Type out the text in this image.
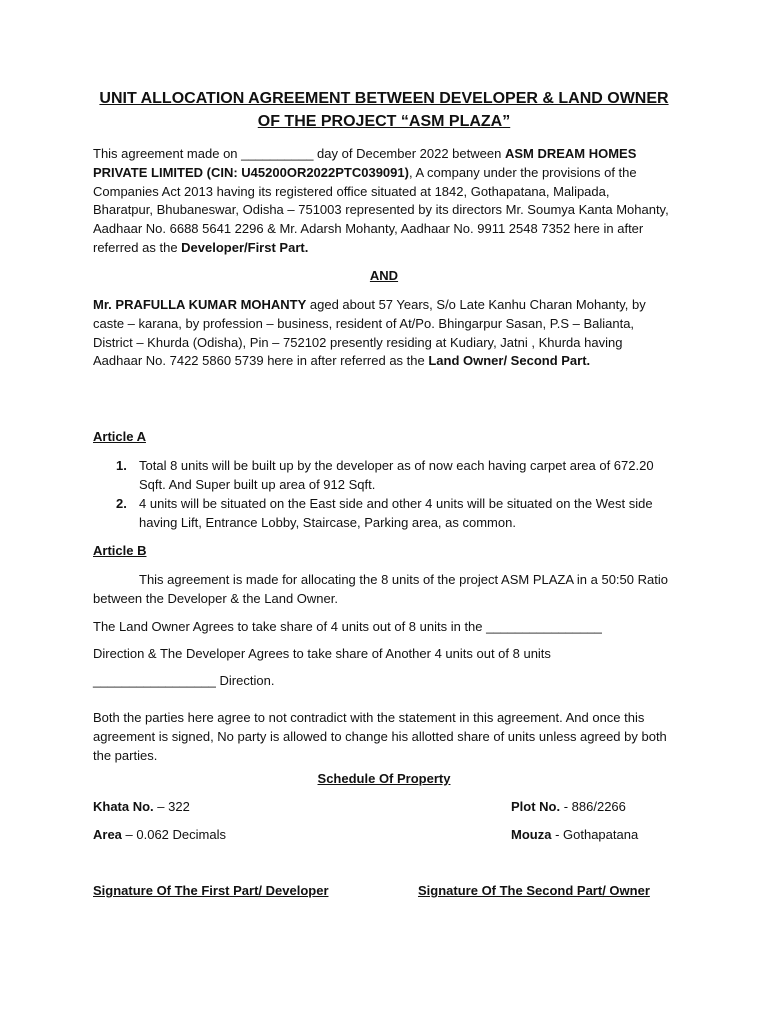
UNIT ALLOCATION AGREEMENT BETWEEN DEVELOPER & LAND OWNER
OF THE PROJECT “ASM PLAZA”
This agreement made on __________ day of December 2022 between ASM DREAM HOMES PRIVATE LIMITED (CIN: U45200OR2022PTC039091), A company under the provisions of the Companies Act 2013 having its registered office situated at 1842, Gothapatana, Malipada, Bharatpur, Bhubaneswar, Odisha – 751003 represented by its directors Mr. Soumya Kanta Mohanty, Aadhaar No. 6688 5641 2296 & Mr. Adarsh Mohanty, Aadhaar No. 9911 2548 7352 here in after referred as the Developer/First Part.
AND
Mr. PRAFULLA KUMAR MOHANTY aged about 57 Years, S/o Late Kanhu Charan Mohanty, by caste – karana, by profession – business, resident of At/Po. Bhingarpur Sasan, P.S – Balianta, District – Khurda (Odisha), Pin – 752102 presently residing at Kudiary, Jatni , Khurda having Aadhaar No. 7422 5860 5739 here in after referred as the Land Owner/ Second Part.
Article A
1. Total 8 units will be built up by the developer as of now each having carpet area of 672.20 Sqft. And Super built up area of 912 Sqft.
2. 4 units will be situated on the East side and other 4 units will be situated on the West side having Lift, Entrance Lobby, Staircase, Parking area, as common.
Article B
This agreement is made for allocating the 8 units of the project ASM PLAZA in a 50:50 Ratio between the Developer & the Land Owner.
The Land Owner Agrees to take share of 4 units out of 8 units in the ________________
Direction & The Developer Agrees to take share of Another 4 units out of 8 units
_________________ Direction.
Both the parties here agree to not contradict with the statement in this agreement. And once this agreement is signed, No party is allowed to change his allotted share of units unless agreed by both the parties.
Schedule Of Property
Khata No. – 322	Plot No. - 886/2266
Area – 0.062 Decimals	Mouza - Gothapatana
Signature Of The First Part/ Developer	Signature Of The Second Part/ Owner
